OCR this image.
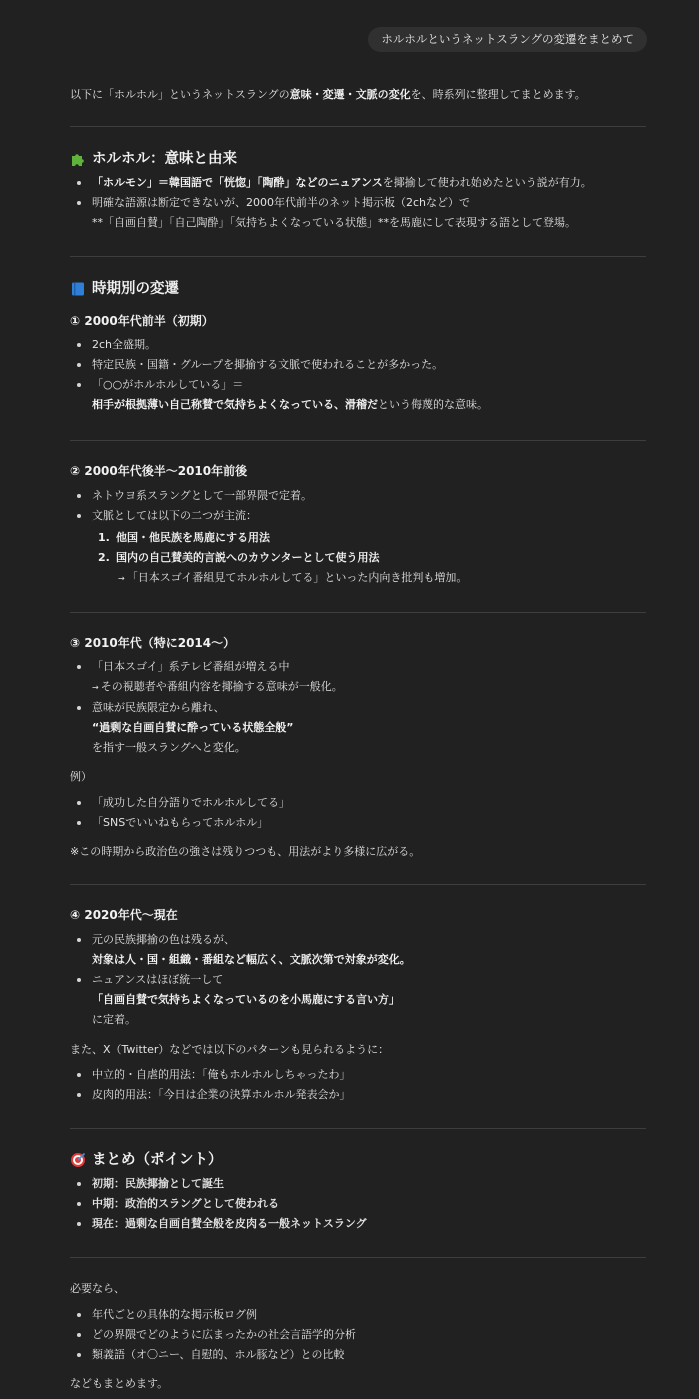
ホルホルというネットスラングの変遷をまとめて
以下に「ホルホル」というネットスラングの意味・変遷・文脈の変化を、時系列に整理してまとめます。
ホルホル：意味と由来
「ホルモン」＝韓国語で「恍惚」「陶酔」などのニュアンスを揶揄して使われ始めたという説が有力。
明確な語源は断定できないが、2000年代前半のネット掲示板（2chなど）で
**「自画自賛」「自己陶酔」「気持ちよくなっている状態」**を馬鹿にして表現する語として登場。
時期別の変遷
① 2000年代前半（初期）
2ch全盛期。
特定民族・国籍・グループを揶揄する文脈で使われることが多かった。
「○○がホルホルしている」＝
相手が根拠薄い自己称賛で気持ちよくなっている、滑稽だという侮蔑的な意味。
② 2000年代後半〜2010年前後
ネトウヨ系スラングとして一部界隈で定着。
文脈としては以下の二つが主流：
1. 他国・他民族を馬鹿にする用法
2. 国内の自己賛美的言説へのカウンターとして使う用法
→ 「日本スゴイ番組見てホルホルしてる」といった内向き批判も増加。
③ 2010年代（特に2014〜）
「日本スゴイ」系テレビ番組が増える中
→ その視聴者や番組内容を揶揄する意味が一般化。
意味が民族限定から離れ、
“過剰な自画自賛に酔っている状態全般”
を指す一般スラングへと変化。
例）
「成功した自分語りでホルホルしてる」
「SNSでいいねもらってホルホル」
※この時期から政治色の強さは残りつつも、用法がより多様に広がる。
④ 2020年代〜現在
元の民族揶揄の色は残るが、
対象は人・国・組織・番組など幅広く、文脈次第で対象が変化。
ニュアンスはほぼ統一して
「自画自賛で気持ちよくなっているのを小馬鹿にする言い方」
に定着。
また、X（Twitter）などでは以下のパターンも見られるように：
中立的・自虐的用法：「俺もホルホルしちゃったわ」
皮肉的用法：「今日は企業の決算ホルホル発表会か」
まとめ（ポイント）
初期：民族揶揄として誕生
中期：政治的スラングとして使われる
現在：過剰な自画自賛全般を皮肉る一般ネットスラング
必要なら、
年代ごとの具体的な掲示板ログ例
どの界隈でどのように広まったかの社会言語学的分析
類義語（オ〇ニー、自慰的、ホル豚など）との比較
などもまとめます。
